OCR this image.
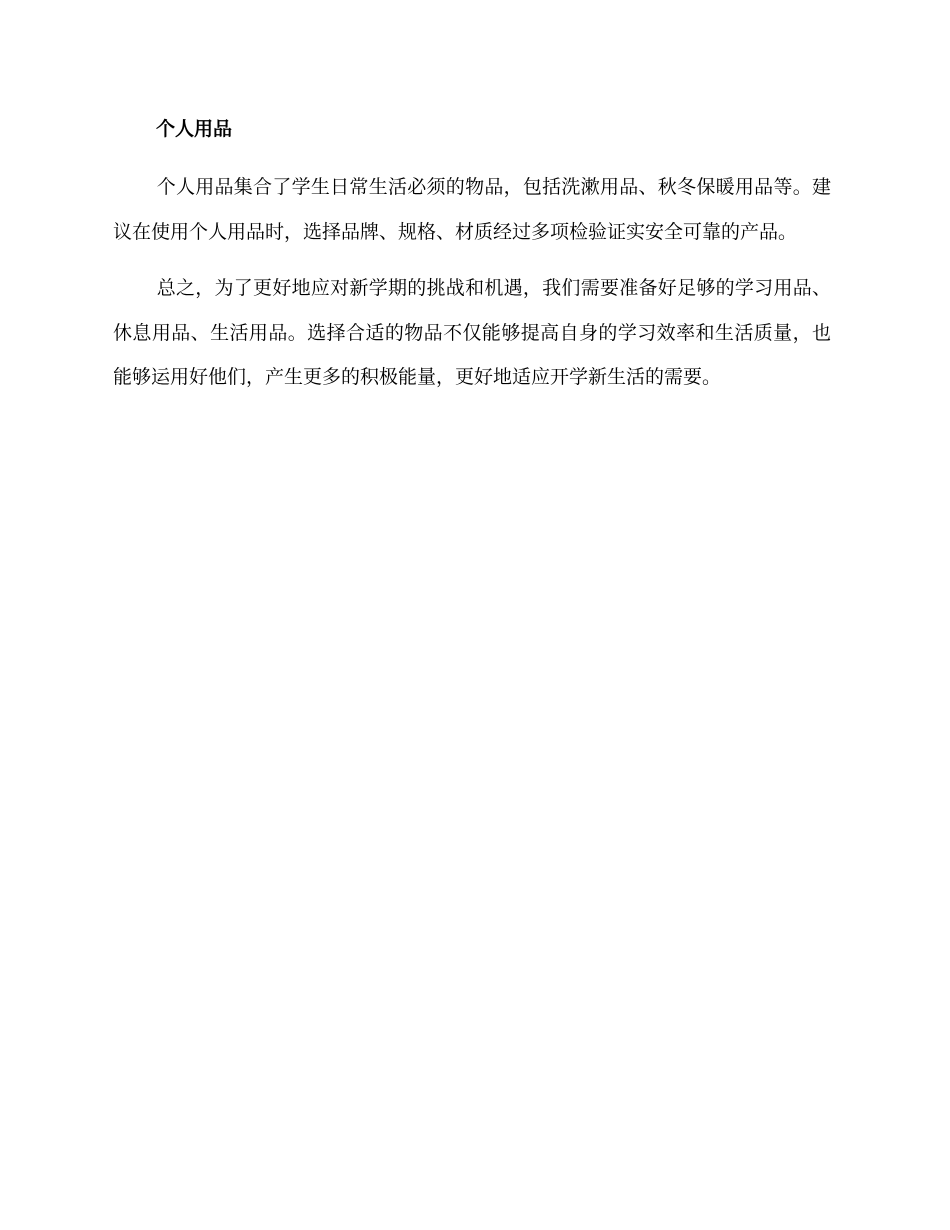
个人用品

个人用品集合了学生日常生活必须的物品，包括洗漱用品、秋冬保暖用品等。建议在使用个人用品时，选择品牌、规格、材质经过多项检验证实安全可靠的产品。

总之，为了更好地应对新学期的挑战和机遇，我们需要准备好足够的学习用品、休息用品、生活用品。选择合适的物品不仅能够提高自身的学习效率和生活质量，也能够运用好他们，产生更多的积极能量，更好地适应开学新生活的需要。
